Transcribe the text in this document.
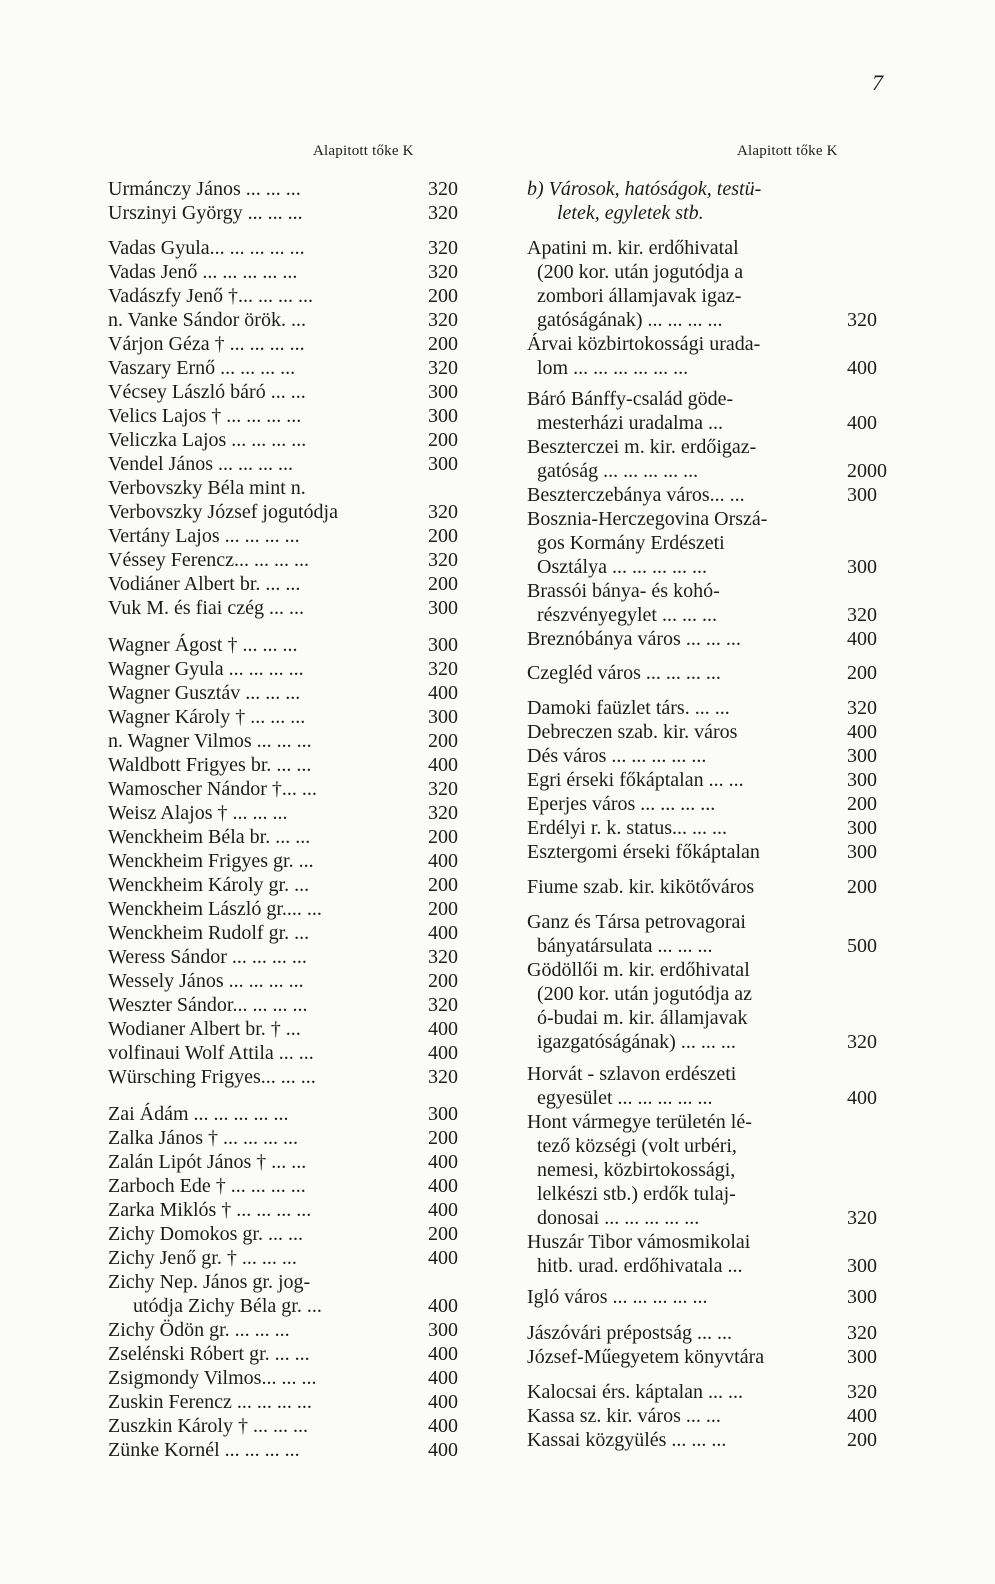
7
Alapitott tőke K	Alapitott tőke K
Urmánczy János ... ... ...	320
Urszinyi György ... ... ...	320
Vadas Gyula... ... ... ... ...	320
Vadas Jenő ... ... ... ... ...	320
Vadászfy Jenő †... ... ... ...	200
n. Vanke Sándor örök. ...	320
Várjon Géza † ... ... ... ...	200
Vaszary Ernő ... ... ... ...	320
Vécsey László báró ... ...	300
Velics Lajos † ... ... ... ...	300
Veliczka Lajos ... ... ... ...	200
Vendel János ... ... ... ...	300
Verbovszky Béla mint n.
Verbovszky József jogutódja	320
Vertány Lajos ... ... ... ...	200
Véssey Ferencz... ... ... ...	320
Vodiáner Albert br. ... ...	200
Vuk M. és fiai czég ... ...	300
Wagner Ágost † ... ... ...	300
Wagner Gyula ... ... ... ...	320
Wagner Gusztáv ... ... ...	400
Wagner Károly † ... ... ...	300
n. Wagner Vilmos ... ... ...	200
Waldbott Frigyes br. ... ...	400
Wamoscher Nándor †... ...	320
Weisz Alajos † ... ... ...	320
Wenckheim Béla br. ... ...	200
Wenckheim Frigyes gr. ...	400
Wenckheim Károly gr. ...	200
Wenckheim László gr.... ...	200
Wenckheim Rudolf gr. ...	400
Weress Sándor ... ... ... ...	320
Wessely János ... ... ... ...	200
Weszter Sándor... ... ... ...	320
Wodianer Albert br. † ...	400
volfinaui Wolf Attila ... ...	400
Würsching Frigyes... ... ...	320
Zai Ádám ... ... ... ... ...	300
Zalka János † ... ... ... ...	200
Zalán Lipót János † ... ...	400
Zarboch Ede † ... ... ... ...	400
Zarka Miklós † ... ... ... ...	400
Zichy Domokos gr. ... ...	200
Zichy Jenő gr. † ... ... ...	400
Zichy Nep. János gr. jog-
utódja Zichy Béla gr. ...	400
Zichy Ödön gr. ... ... ...	300
Zselénski Róbert gr. ... ...	400
Zsigmondy Vilmos... ... ...	400
Zuskin Ferencz ... ... ... ...	400
Zuszkin Károly † ... ... ...	400
Zünke Kornél ... ... ... ...	400
b) Városok, hatóságok, testü-
letek, egyletek stb.
Apatini m. kir. erdőhivatal
(200 kor. után jogutódja a
zombori államjavak igaz-
gatóságának) ... ... ... ...	320
Árvai közbirtokossági urada-
lom ... ... ... ... ... ...	400
Báró Bánffy-család göde-
mesterházi uradalma ...	400
Beszterczei m. kir. erdőigaz-
gatóság ... ... ... ... ...	2000
Beszterczebánya város... ...	300
Bosznia-Herczegovina Orszá-
gos Kormány Erdészeti
Osztálya ... ... ... ... ...	300
Brassói bánya- és kohó-
részvényegylet ... ... ...	320
Breznóbánya város ... ... ...	400
Czegléd város ... ... ... ...	200
Damoki faüzlet társ. ... ...	320
Debreczen szab. kir. város	400
Dés város ... ... ... ... ...	300
Egri érseki főkáptalan ... ...	300
Eperjes város ... ... ... ...	200
Erdélyi r. k. status... ... ...	300
Esztergomi érseki főkáptalan	300
Fiume szab. kir. kikötőváros	200
Ganz és Társa petrovagorai
bányatársulata ... ... ...	500
Gödöllői m. kir. erdőhivatal
(200 kor. után jogutódja az
ó-budai m. kir. államjavak
igazgatóságának) ... ... ...	320
Horvát - szlavon erdészeti
egyesület ... ... ... ... ...	400
Hont vármegye területén lé-
tező községi (volt urbéri,
nemesi, közbirtokossági,
lelkészi stb.) erdők tulaj-
donosai ... ... ... ... ...	320
Huszár Tibor vámosmikolai
hitb. urad. erdőhivatala ...	300
Igló város ... ... ... ... ...	300
Jászóvári prépostság ... ...	320
József-Műegyetem könyvtára	300
Kalocsai érs. káptalan ... ...	320
Kassa sz. kir. város ... ...	400
Kassai közgyülés ... ... ...	200
